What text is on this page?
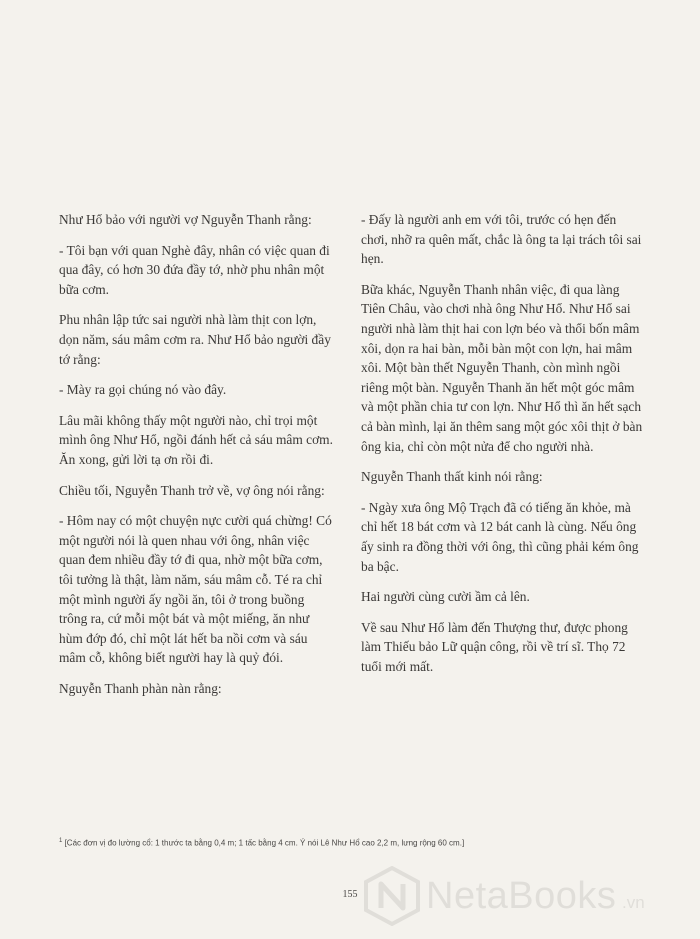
Như Hổ bảo với người vợ Nguyễn Thanh rằng:

- Tôi bạn với quan Nghè đây, nhân có việc quan đi qua đây, có hơn 30 đứa đầy tớ, nhờ phu nhân một bữa cơm.

Phu nhân lập tức sai người nhà làm thịt con lợn, dọn năm, sáu mâm cơm ra. Như Hổ bảo người đầy tớ rằng:

- Mày ra gọi chúng nó vào đây.

Lâu mãi không thấy một người nào, chỉ trọi một mình ông Như Hổ, ngồi đánh hết cả sáu mâm cơm. Ăn xong, gửi lời tạ ơn rồi đi.

Chiều tối, Nguyễn Thanh trở về, vợ ông nói rằng:

- Hôm nay có một chuyện nực cười quá chừng! Có một người nói là quen nhau với ông, nhân việc quan đem nhiều đầy tớ đi qua, nhờ một bữa cơm, tôi tưởng là thật, làm năm, sáu mâm cỗ. Té ra chỉ một mình người ấy ngồi ăn, tôi ở trong buồng trông ra, cứ mỗi một bát và một miếng, ăn như hùm đớp đó, chỉ một lát hết ba nồi cơm và sáu mâm cỗ, không biết người hay là quỷ đói.

Nguyễn Thanh phàn nàn rằng:

- Đấy là người anh em với tôi, trước có hẹn đến chơi, nhỡ ra quên mất, chắc là ông ta lại trách tôi sai hẹn.

Bữa khác, Nguyễn Thanh nhân việc, đi qua làng Tiên Châu, vào chơi nhà ông Như Hổ. Như Hổ sai người nhà làm thịt hai con lợn béo và thổi bốn mâm xôi, dọn ra hai bàn, mỗi bàn một con lợn, hai mâm xôi. Một bàn thết Nguyễn Thanh, còn mình ngồi riêng một bàn. Nguyễn Thanh ăn hết một góc mâm và một phần chia tư con lợn. Như Hổ thì ăn hết sạch cả bàn mình, lại ăn thêm sang một góc xôi thịt ở bàn ông kia, chỉ còn một nửa để cho người nhà.

Nguyễn Thanh thất kinh nói rằng:

- Ngày xưa ông Mộ Trạch đã có tiếng ăn khỏe, mà chỉ hết 18 bát cơm và 12 bát canh là cùng. Nếu ông ấy sinh ra đồng thời với ông, thì cũng phải kém ông ba bậc.

Hai người cùng cười ầm cả lên.

Về sau Như Hổ làm đến Thượng thư, được phong làm Thiếu bảo Lữ quận công, rồi về trí sĩ. Thọ 72 tuổi mới mất.

$^1$ [Các đơn vị đo lường cổ: 1 thước ta bằng 0,4 m; 1 tấc bằng 4 cm. Ý nói Lê Như Hổ cao 2,2 m, lưng rộng 60 cm.]
155 NetaBooks .vn
